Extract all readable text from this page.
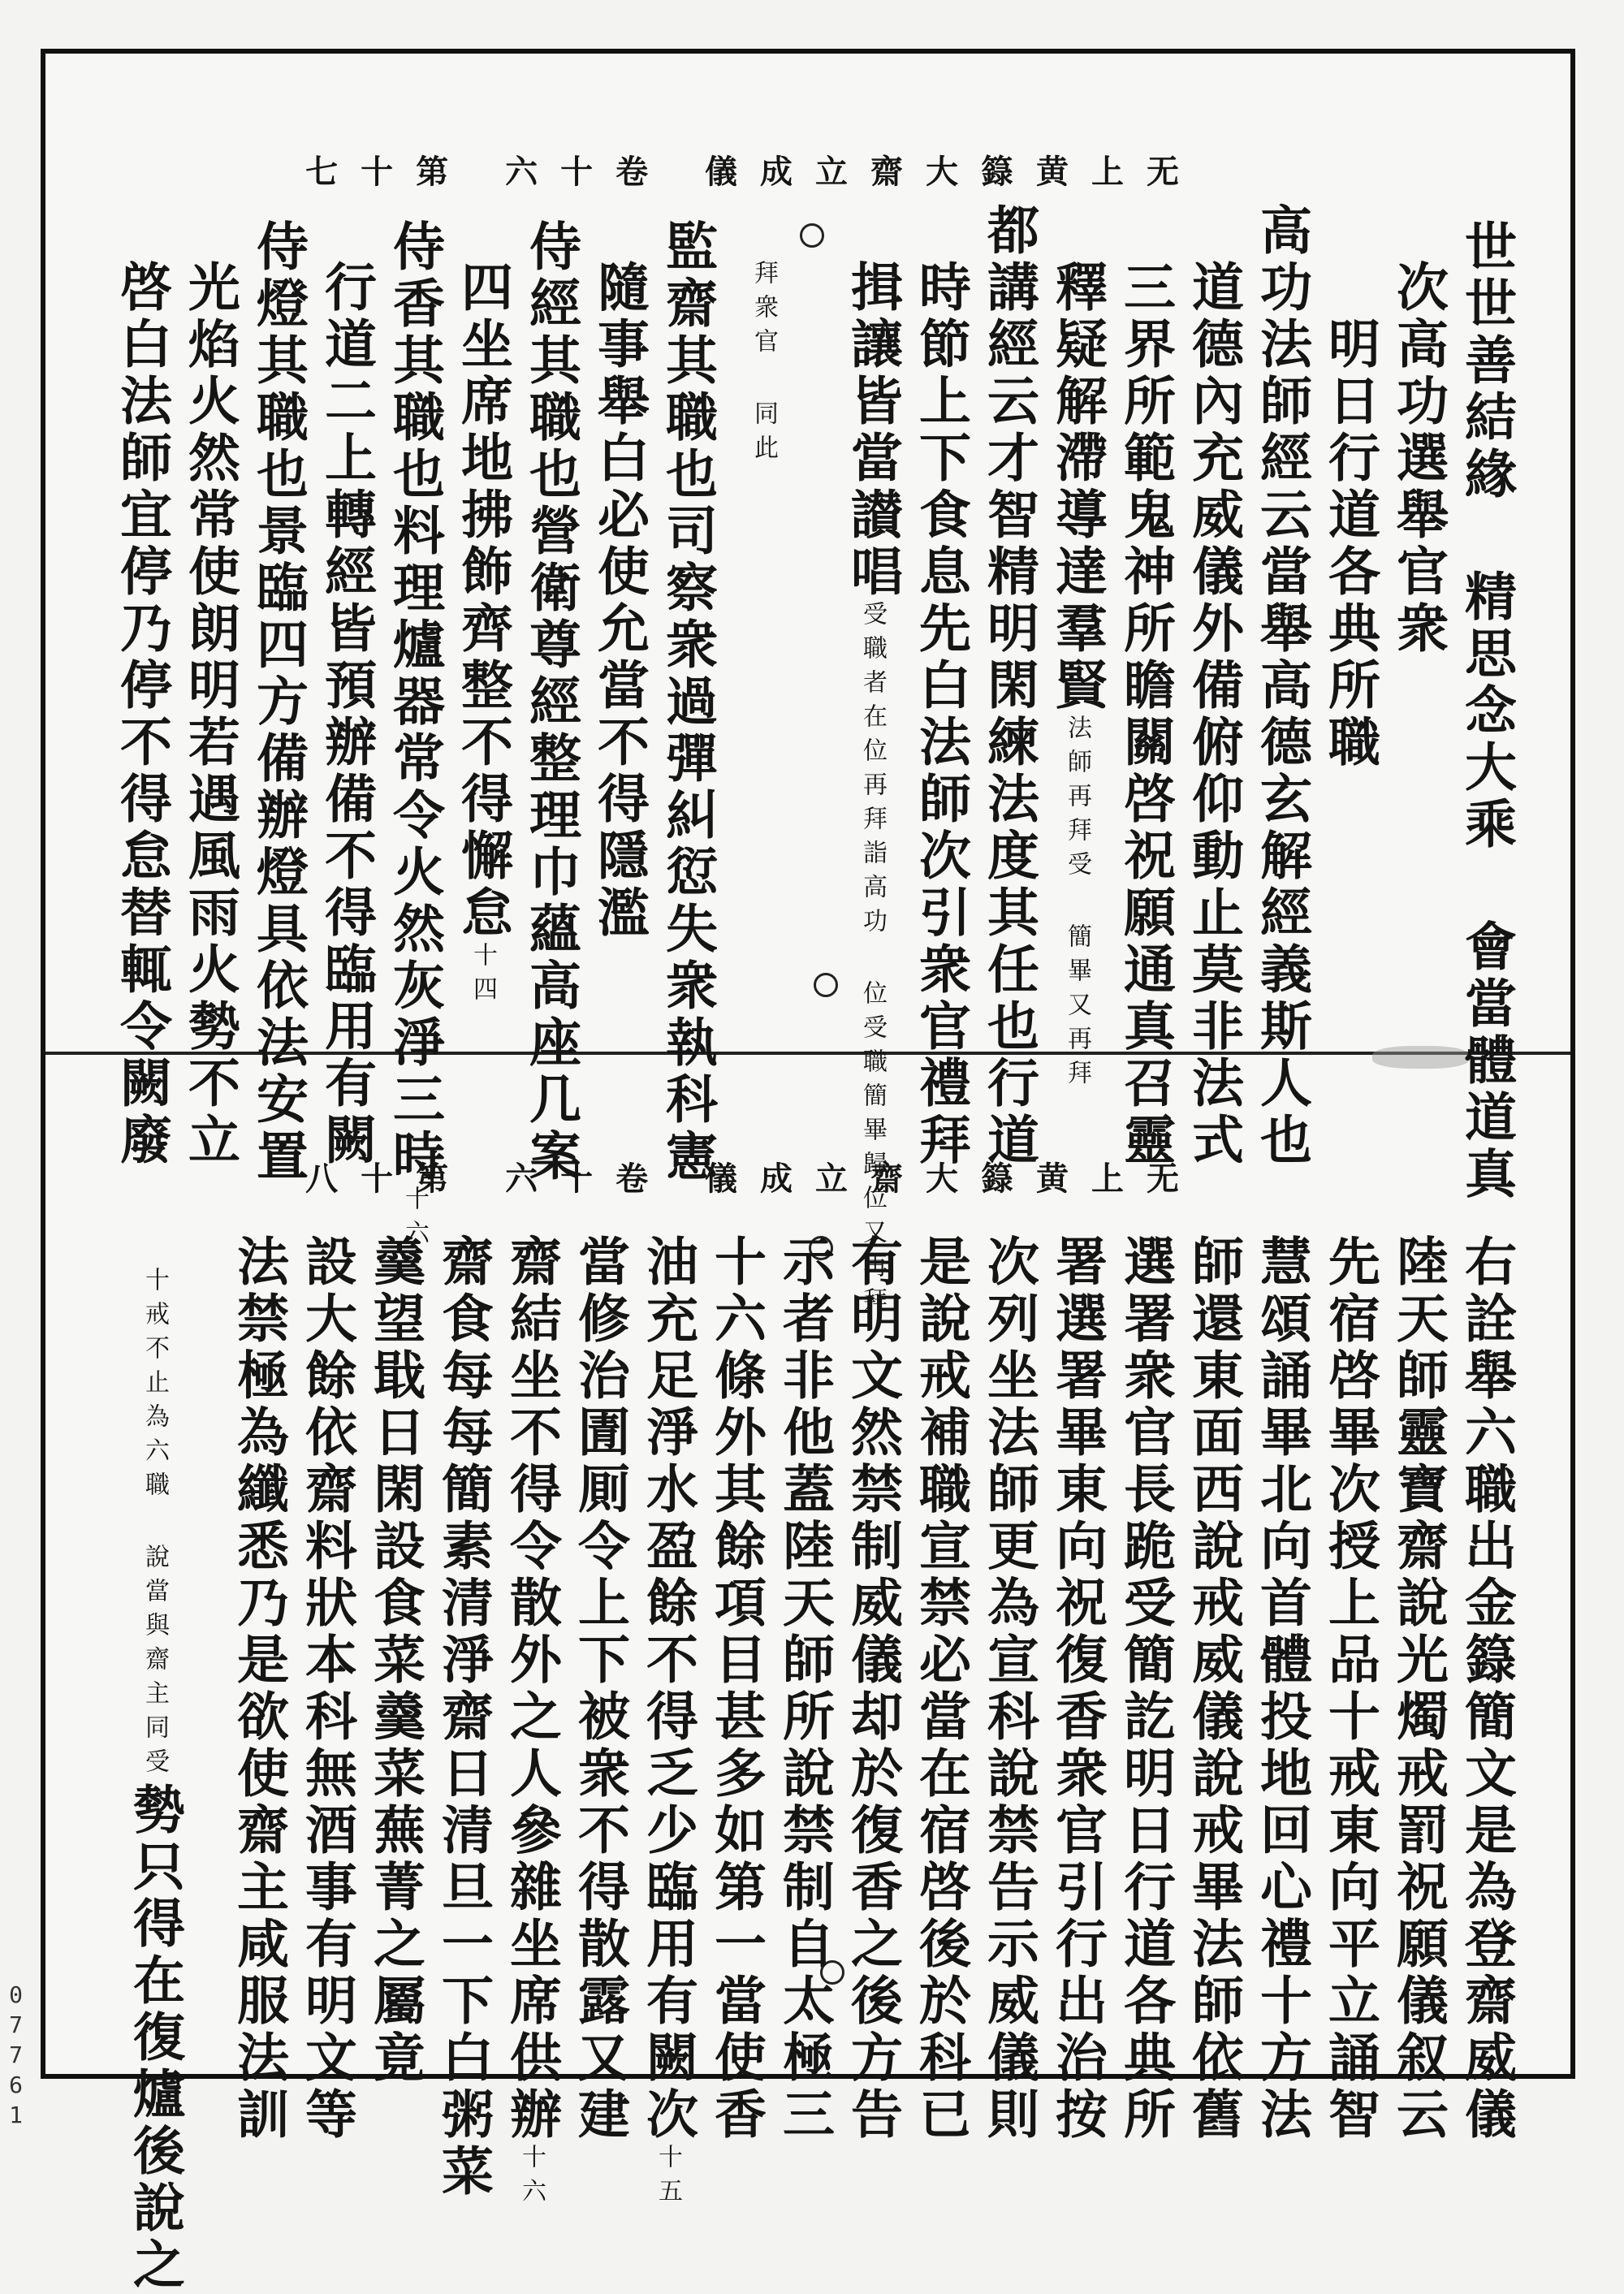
无上黄籙大齋立成儀 卷十六 第十七
无上黄籙大齋立成儀 卷十六 第十八	世世善結緣 精思念大乘 會當體道真
次高功選舉官衆
明日行道各典所職
高功法師經云當舉高德玄解經義斯人也
道德內充威儀外備俯仰動止莫非法式
三界所範鬼神所瞻關啓祝願通真召靈
釋疑解滯導達羣賢法師再拜受 簡畢又再拜
都講經云才智精明閑練法度其任也行道
時節上下食息先白法師次引衆官禮拜
揖讓皆當讃唱受職者在位再拜詣高功 位受職簡畢歸位又再拜
拜衆官 同此
監齋其職也司察衆過彈糾愆失衆執科憲
隨事舉白必使允當不得隱濫
侍經其職也營衛尊經整理巾蘊高座几案
四坐席地拂飾齊整不得懈怠十四
侍香其職也料理爐器常令火然灰淨三時十六
行道二上轉經皆預辦備不得臨用有闕
侍燈其職也景臨四方備辦燈具依法安置
光焰火然常使朗明若遇風雨火勢不立
啓白法師宜停乃停不得怠替輒令闕廢
右詮舉六職出金籙簡文是為登齋威儀
陸天師靈寶齋說光燭戒罰祝願儀叙云
先宿啓畢次授上品十戒東向平立誦智
慧頌誦畢北向首體投地回心禮十方法
師還東面西說戒威儀說戒畢法師依舊
選署衆官長跪受簡訖明日行道各典所
署選署畢東向祝復香衆官引行出治按
次列坐法師更為宣科說禁告示威儀則
是說戒補職宣禁必當在宿啓後於科已
有明文然禁制威儀却於復香之後方告
示者非他蓋陸天師所說禁制自太極三
十六條外其餘項目甚多如第一當使香
油充足淨水盈餘不得乏少臨用有闕次十五
當修治圊厠令上下被衆不得散露又建
齋結坐不得令散外之人參雜坐席供辦十六
齋食每每簡素清淨齋日清旦一下白粥菜
羹望戢日閑設食菜羹菜蕪菁之屬竟
設大餘依齋料狀本科無酒事有明文等
法禁極為纖悉乃是欲使齋主咸服法訓
十戒不止為六職 說當與齋主同受勢只得在復爐後說之
07761
